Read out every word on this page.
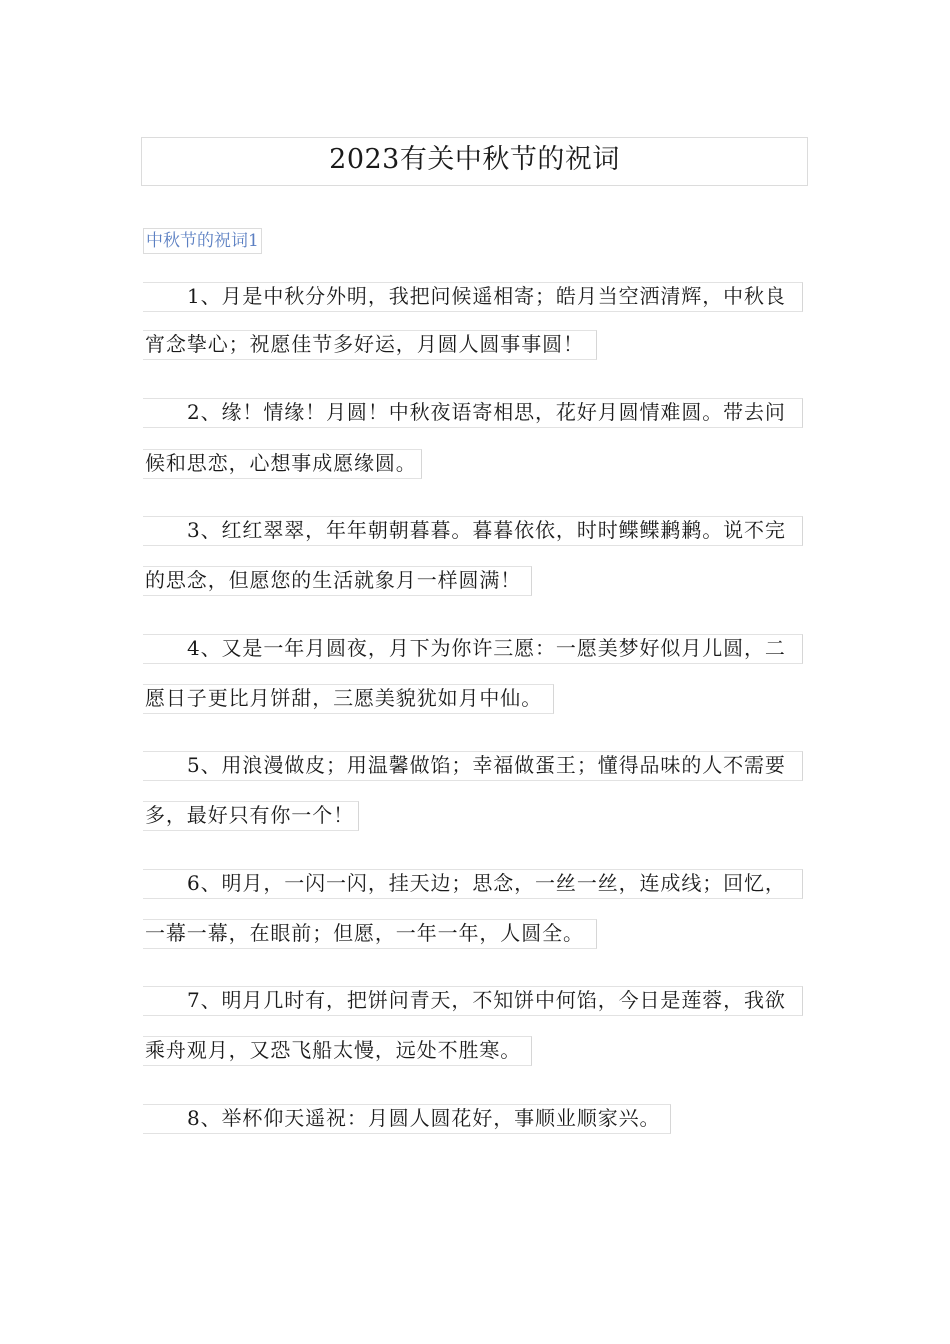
2023有关中秋节的祝词
中秋节的祝词1
1、月是中秋分外明，我把问候遥相寄；皓月当空洒清辉，中秋良
宵念挚心；祝愿佳节多好运，月圆人圆事事圆！
2、缘！情缘！月圆！中秋夜语寄相思，花好月圆情难圆。带去问
候和思恋，心想事成愿缘圆。
3、红红翠翠，年年朝朝暮暮。暮暮依依，时时鲽鲽鹣鹣。说不完
的思念，但愿您的生活就象月一样圆满！
4、又是一年月圆夜，月下为你许三愿：一愿美梦好似月儿圆，二
愿日子更比月饼甜，三愿美貌犹如月中仙。
5、用浪漫做皮；用温馨做馅；幸福做蛋王；懂得品味的人不需要
多，最好只有你一个！
6、明月，一闪一闪，挂天边；思念，一丝一丝，连成线；回忆，
一幕一幕，在眼前；但愿，一年一年，人圆全。
7、明月几时有，把饼问青天，不知饼中何馅，今日是莲蓉，我欲
乘舟观月，又恐飞船太慢，远处不胜寒。
8、举杯仰天遥祝：月圆人圆花好，事顺业顺家兴。
